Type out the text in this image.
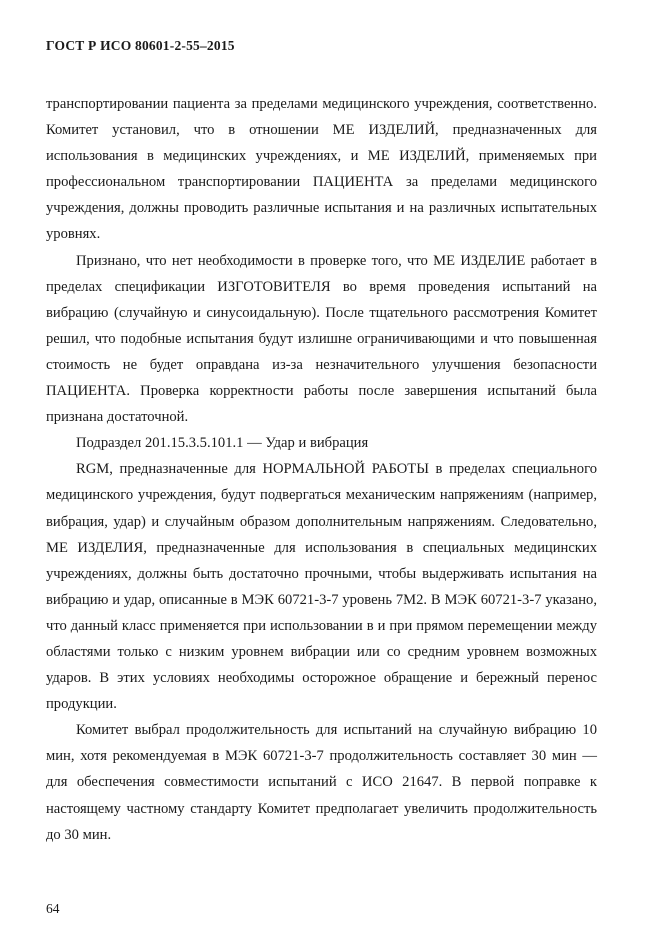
ГОСТ Р ИСО 80601-2-55–2015

транспортировании пациента за пределами медицинского учреждения, соответственно. Комитет установил, что в отношении МЕ ИЗДЕЛИЙ, предназначенных для использования в медицинских учреждениях, и МЕ ИЗДЕЛИЙ, применяемых при профессиональном транспортировании ПАЦИЕНТА за пределами медицинского учреждения, должны проводить различные испытания и на различных испытательных уровнях.

Признано, что нет необходимости в проверке того, что МЕ ИЗДЕЛИЕ работает в пределах спецификации ИЗГОТОВИТЕЛЯ во время проведения испытаний на вибрацию (случайную и синусоидальную). После тщательного рассмотрения Комитет решил, что подобные испытания будут излишне ограничивающими и что повышенная стоимость не будет оправдана из-за незначительного улучшения безопасности ПАЦИЕНТА. Проверка корректности работы после завершения испытаний была признана достаточной.

Подраздел 201.15.3.5.101.1 — Удар и вибрация

RGM, предназначенные для НОРМАЛЬНОЙ РАБОТЫ в пределах специального медицинского учреждения, будут подвергаться механическим напряжениям (например, вибрация, удар) и случайным образом дополнительным напряжениям. Следовательно, МЕ ИЗДЕЛИЯ, предназначенные для использования в специальных медицинских учреждениях, должны быть достаточно прочными, чтобы выдерживать испытания на вибрацию и удар, описанные в МЭК 60721-3-7 уровень 7М2. В МЭК 60721-3-7 указано, что данный класс применяется при использовании в и при прямом перемещении между областями только с низким уровнем вибрации или со средним уровнем возможных ударов. В этих условиях необходимы осторожное обращение и бережный перенос продукции.

Комитет выбрал продолжительность для испытаний на случайную вибрацию 10 мин, хотя рекомендуемая в МЭК 60721-3-7 продолжительность составляет 30 мин — для обеспечения совместимости испытаний с ИСО 21647. В первой поправке к настоящему частному стандарту Комитет предполагает увеличить продолжительность до 30 мин.

64
